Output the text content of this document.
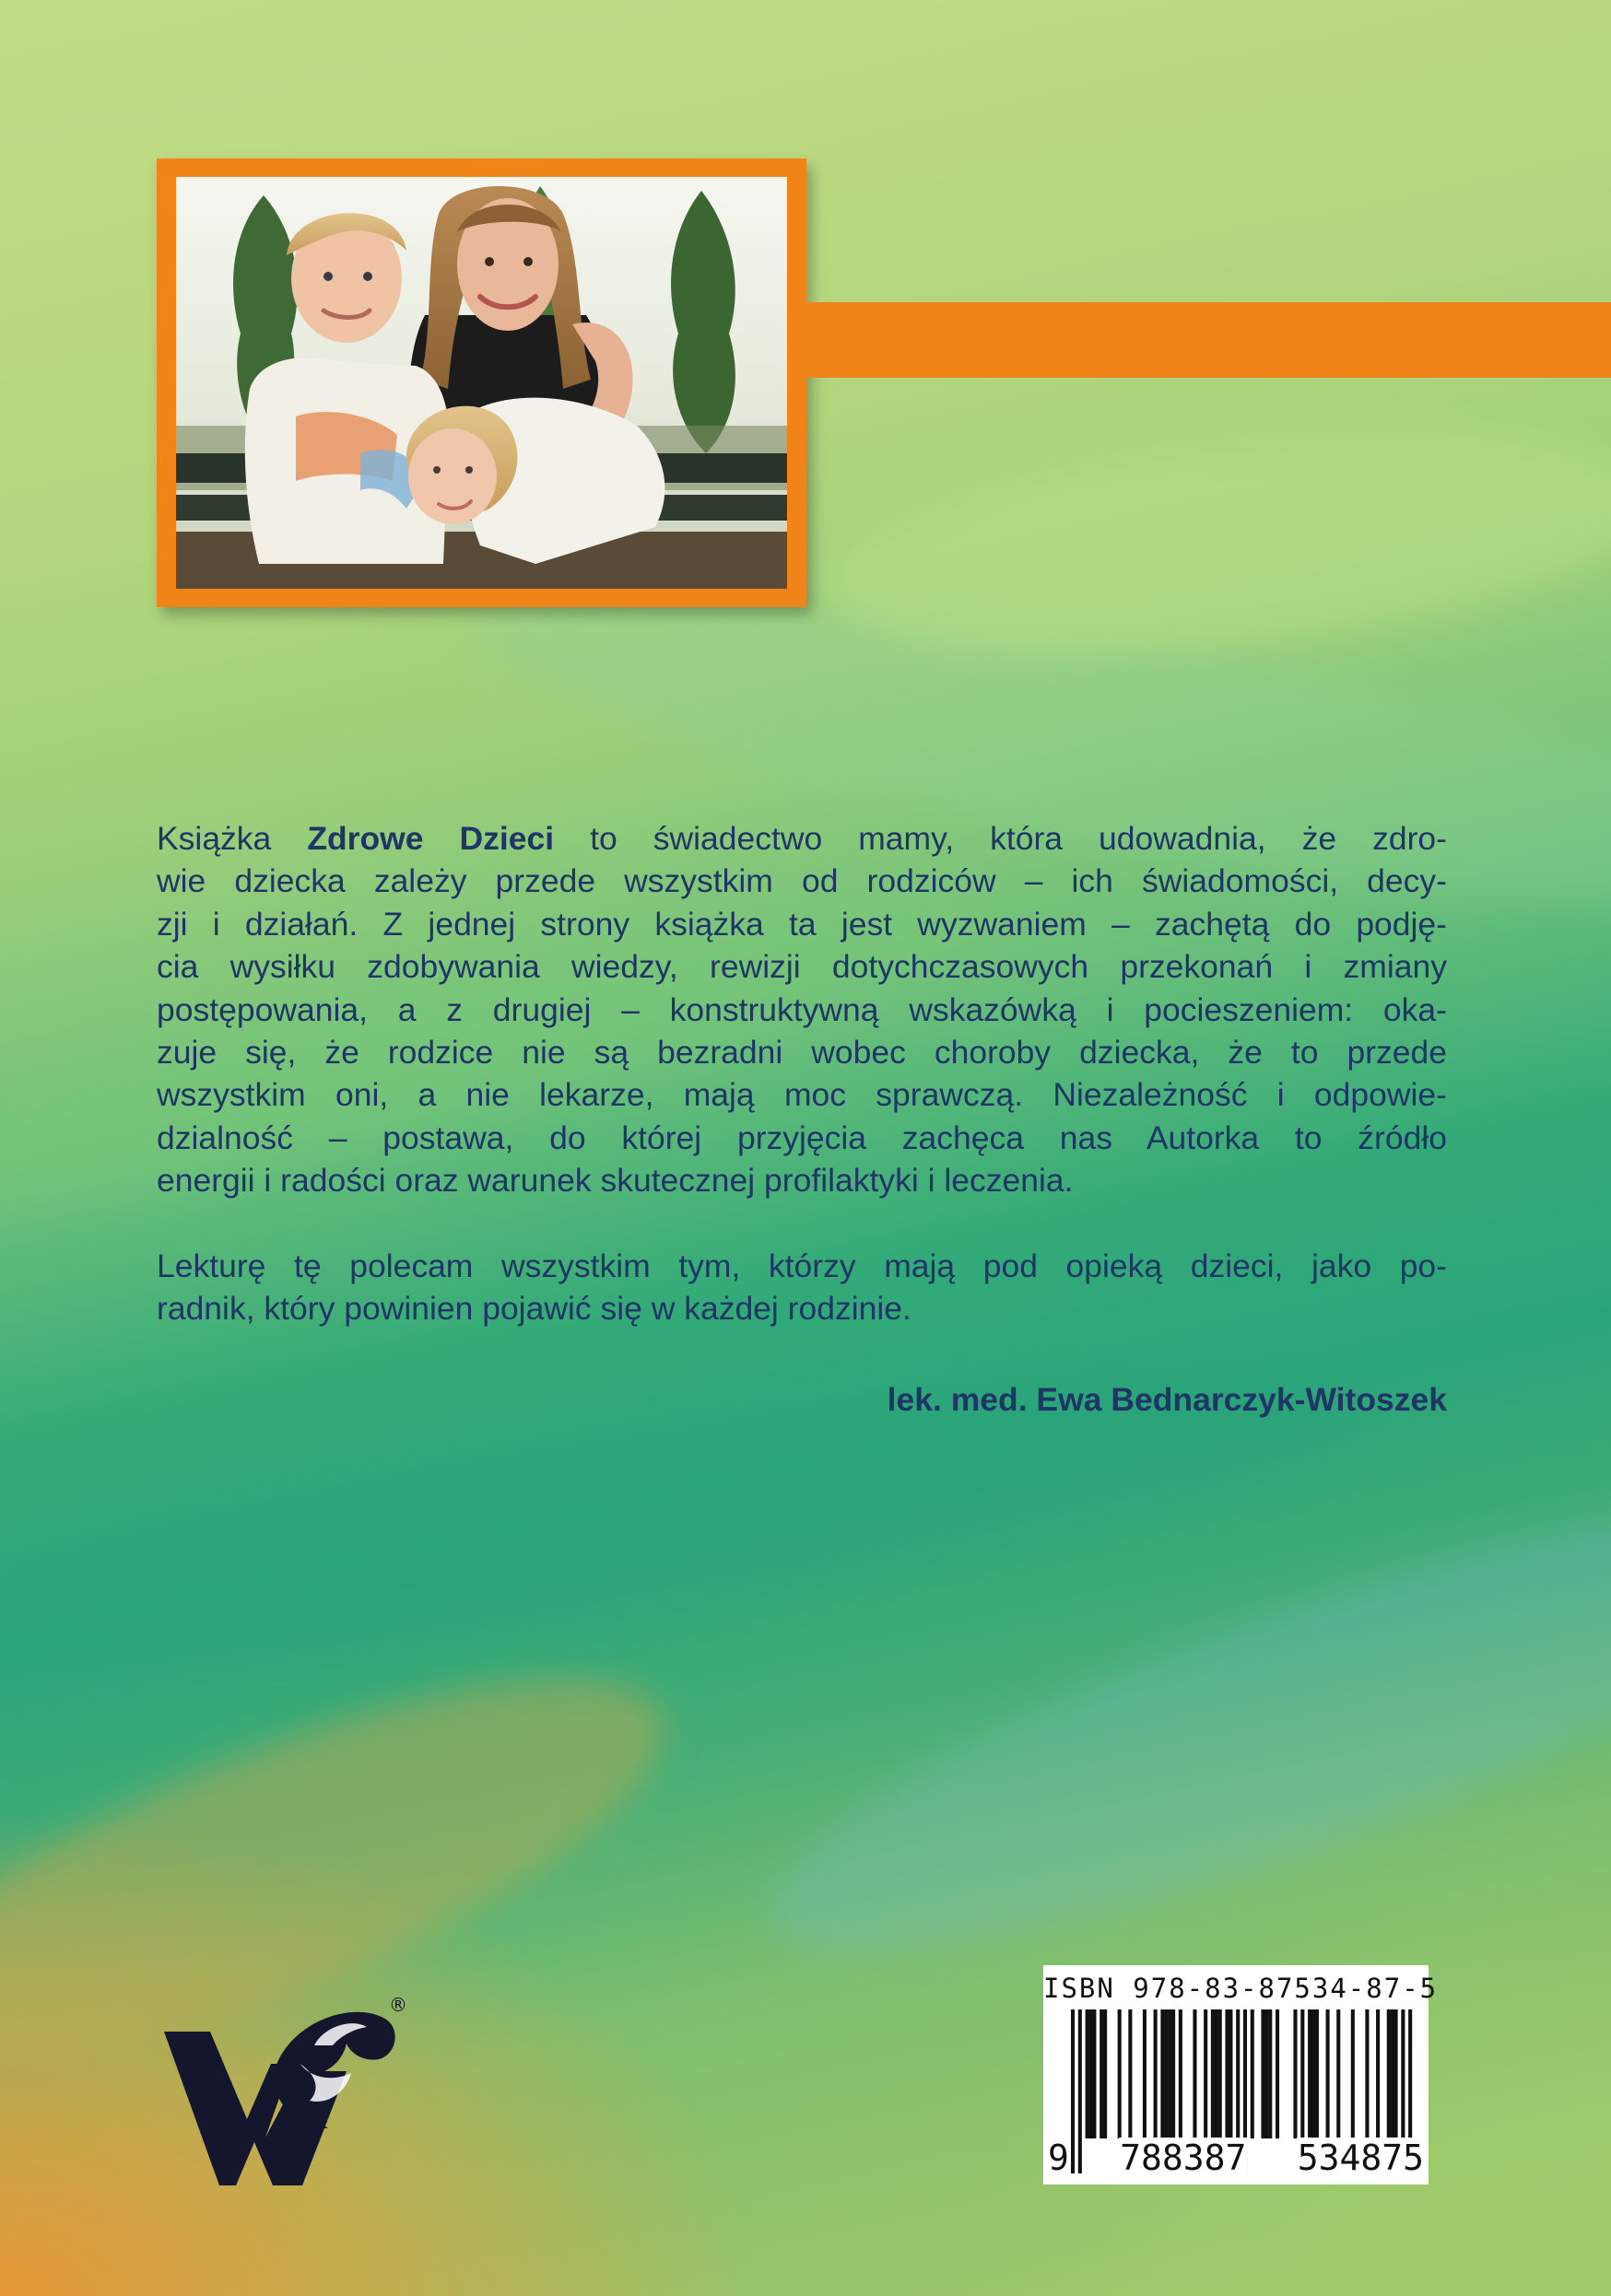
Książka Zdrowe Dzieci to świadectwo mamy, która udowadnia, że zdro-
wie dziecka zależy przede wszystkim od rodziców – ich świadomości, decy-
zji i działań. Z jednej strony książka ta jest wyzwaniem – zachętą do podję-
cia wysiłku zdobywania wiedzy, rewizji dotychczasowych przekonań i zmiany
postępowania, a z drugiej – konstruktywną wskazówką i pocieszeniem: oka-
zuje się, że rodzice nie są bezradni wobec choroby dziecka, że to przede
wszystkim oni, a nie lekarze, mają moc sprawczą. Niezależność i odpowie-
dzialność – postawa, do której przyjęcia zachęca nas Autorka to źródło
energii i radości oraz warunek skutecznej profilaktyki i leczenia.
Lekturę tę polecam wszystkim tym, którzy mają pod opieką dzieci, jako po-
radnik, który powinien pojawić się w każdej rodzinie.
lek. med. Ewa Bednarczyk-Witoszek
®
ISBN 978-83-87534-87-5
9 788387 534875
